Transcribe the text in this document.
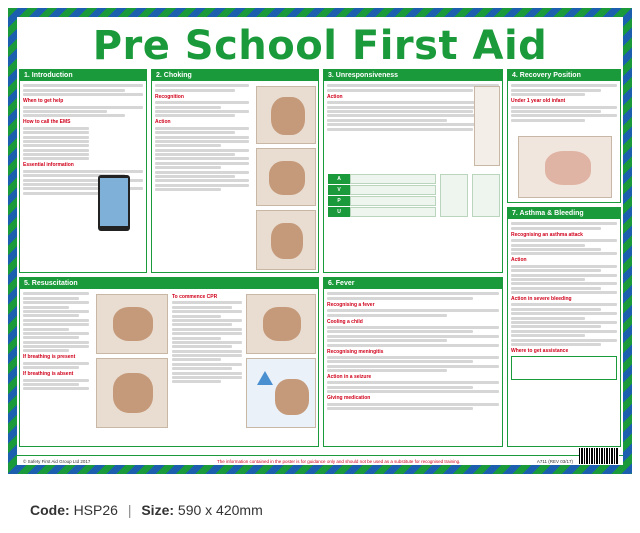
Pre School First Aid
1. Introduction
When to get help
How to call the EMS
Essential information
2. Choking
Recognition
Action
3. Unresponsiveness
Action
A
V
P
U
4. Recovery Position
Under 1 year old infant
7. Asthma & Bleeding
Recognising an asthma attack
Action
Action in severe bleeding
Where to get assistance
5. Resuscitation
If breathing is present
If breathing is absent
To commence CPR
6. Fever
Recognising a fever
Cooling a child
Recognising meningitis
Action in a seizure
Giving medication
© Safety First Aid Group Ltd 2017	The information contained in the poster is for guidance only and should not be used as a substitute for recognised training.	A711 (REV 03/17)
Code: HSP26 | Size: 590 x 420mm
